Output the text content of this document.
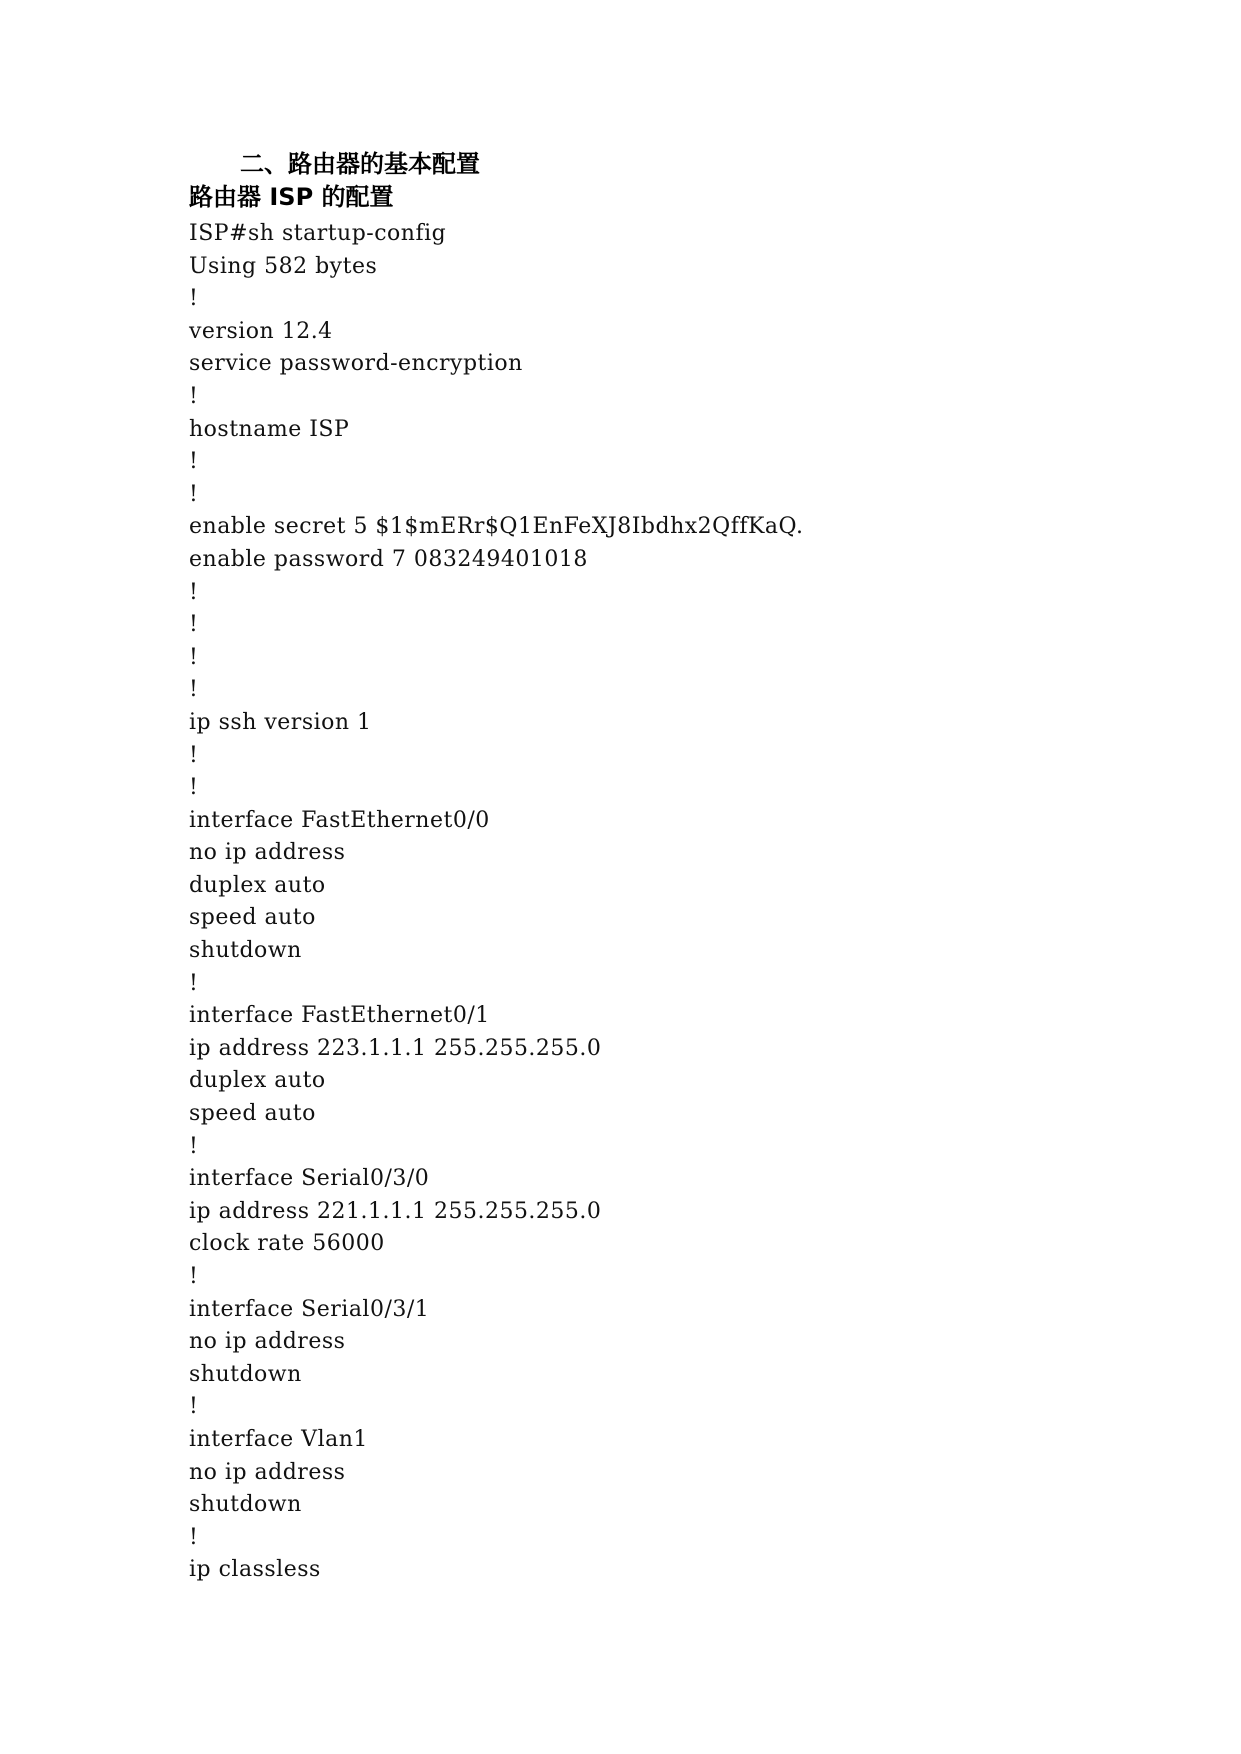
二、路由器的基本配置
路由器 ISP 的配置
ISP#sh startup-config
Using 582 bytes
!
version 12.4
service password-encryption
!
hostname ISP
!
!
enable secret 5 $1$mERr$Q1EnFeXJ8Ibdhx2QffKaQ.
enable password 7 083249401018
!
!
!
!
ip ssh version 1
!
!
interface FastEthernet0/0
no ip address
duplex auto
speed auto
shutdown
!
interface FastEthernet0/1
ip address 223.1.1.1 255.255.255.0
duplex auto
speed auto
!
interface Serial0/3/0
ip address 221.1.1.1 255.255.255.0
clock rate 56000
!
interface Serial0/3/1
no ip address
shutdown
!
interface Vlan1
no ip address
shutdown
!
ip classless
